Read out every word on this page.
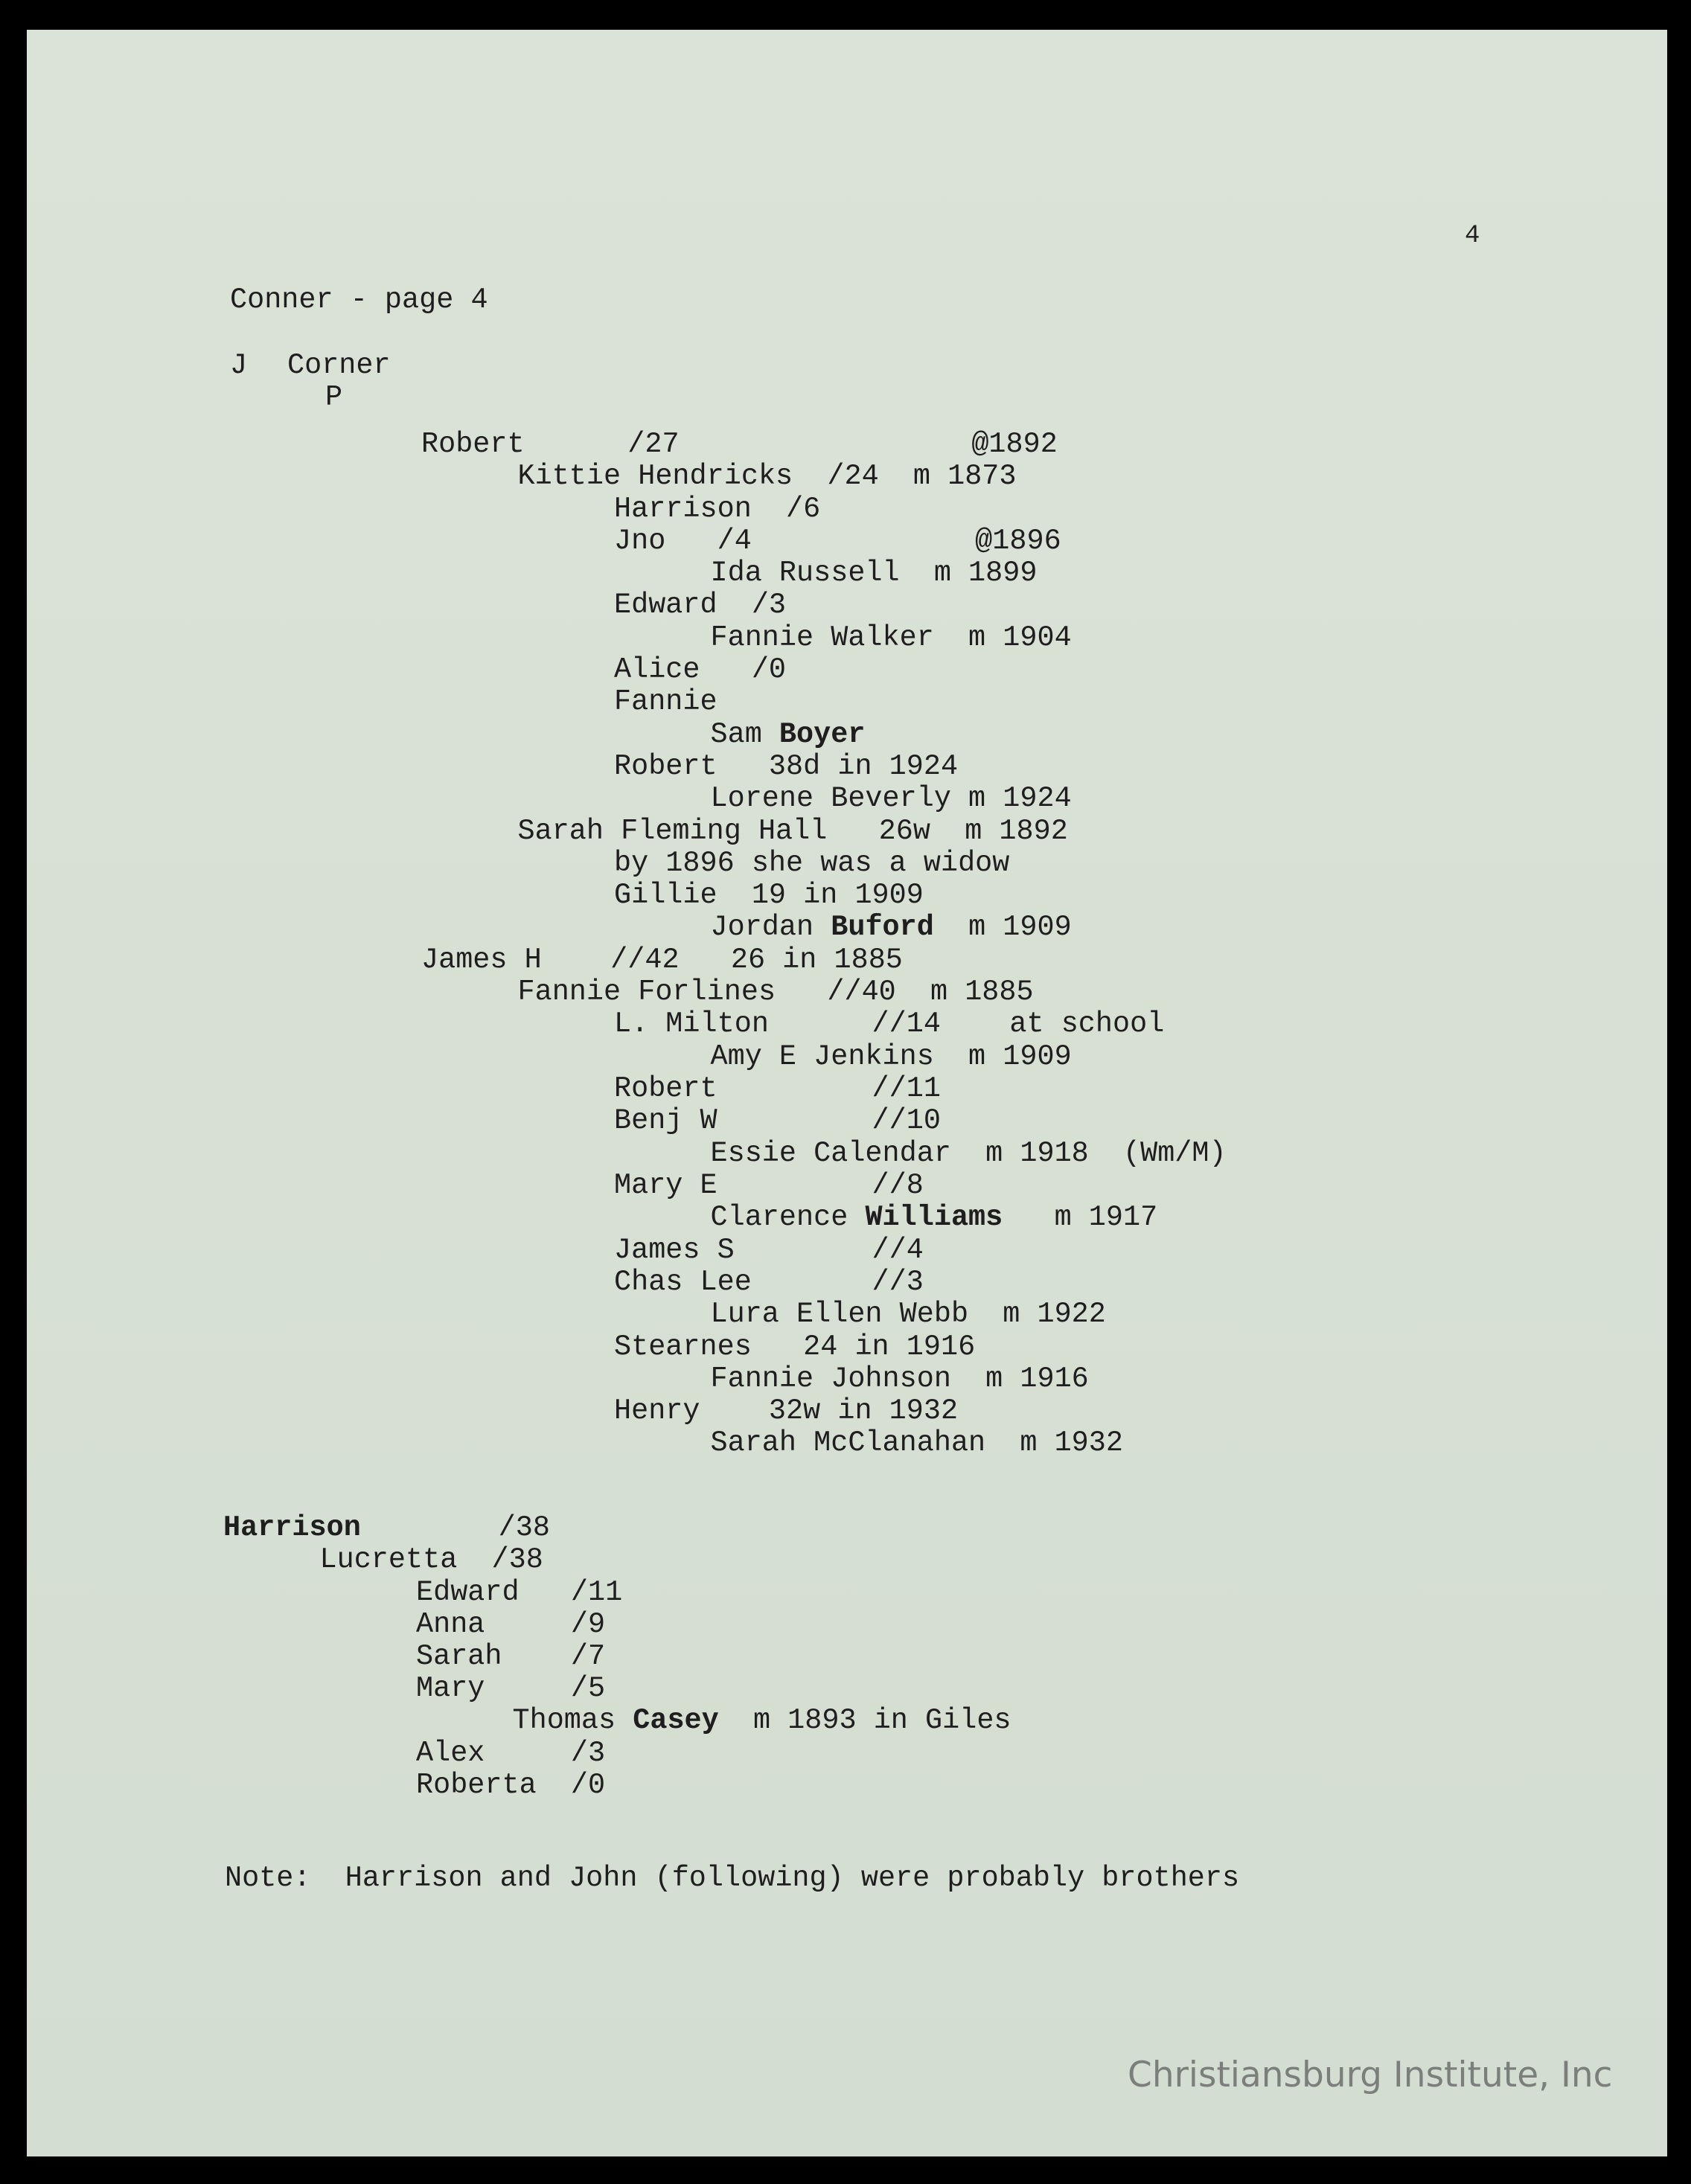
4
Conner - page 4
J Corner
P
Robert      /27                 @1892
Kittie Hendricks  /24  m 1873
Harrison  /6
Jno   /4             @1896
Ida Russell  m 1899
Edward  /3
Fannie Walker  m 1904
Alice   /0
Fannie
Sam Boyer
Robert   38d in 1924
Lorene Beverly m 1924
Sarah Fleming Hall   26w  m 1892
by 1896 she was a widow
Gillie  19 in 1909
Jordan Buford  m 1909
James H    //42   26 in 1885
Fannie Forlines   //40  m 1885
L. Milton      //14    at school
Amy E Jenkins  m 1909
Robert         //11
Benj W         //10
Essie Calendar  m 1918  (Wm/M)
Mary E         //8
Clarence Williams   m 1917
James S        //4
Chas Lee       //3
Lura Ellen Webb  m 1922
Stearnes   24 in 1916
Fannie Johnson  m 1916
Henry    32w in 1932
Sarah McClanahan  m 1932
Harrison        /38
Lucretta  /38
Edward   /11
Anna     /9
Sarah    /7
Mary     /5
Thomas Casey  m 1893 in Giles
Alex     /3
Roberta  /0
Note:  Harrison and John (following) were probably brothers
Christiansburg Institute, Inc
